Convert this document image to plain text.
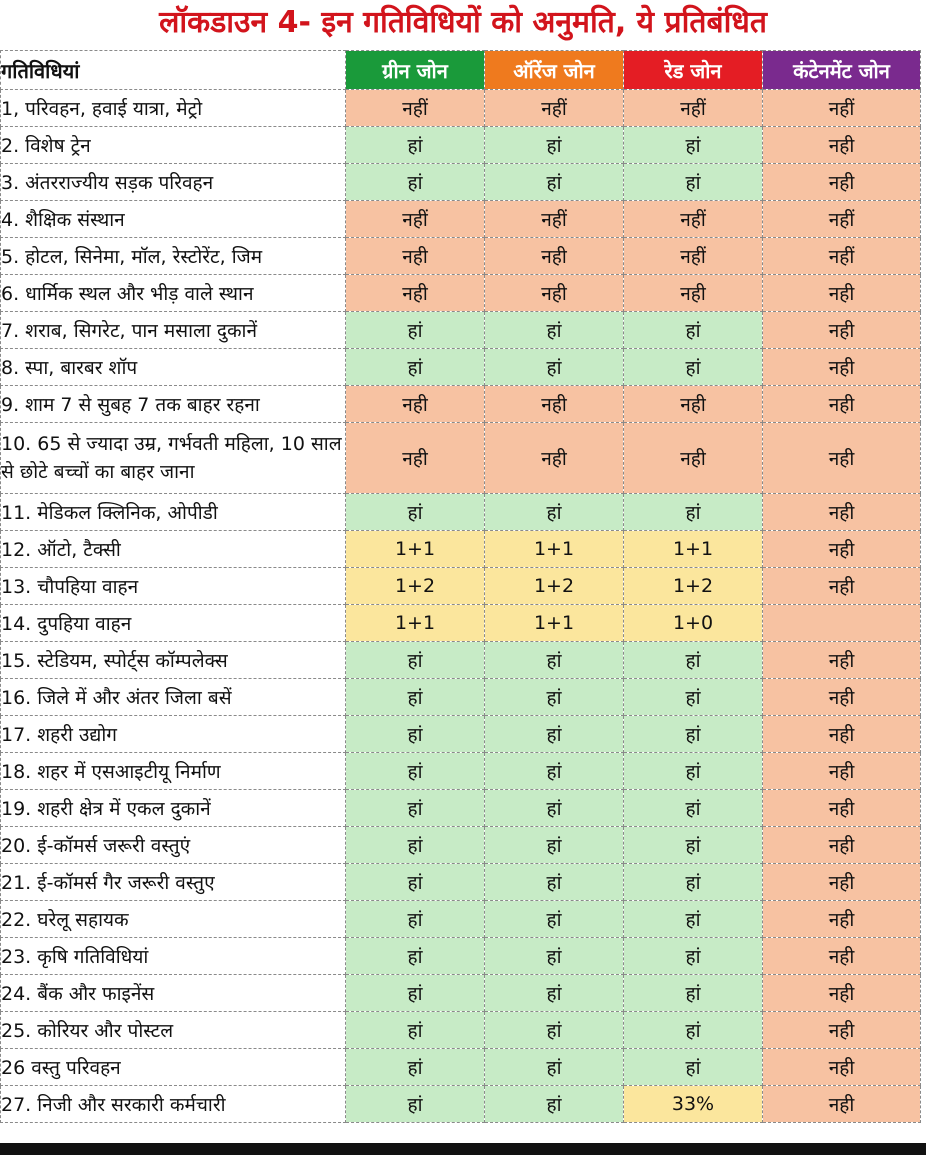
लॉकडाउन 4- इन गतिविधियों को अनुमति, ये प्रतिबंधित
गतिविधियां	ग्रीन जोन	ऑरेंज जोन	रेड जोन	कंटेनमेंट जोन
1, परिवहन, हवाई यात्रा, मेट्रो	नहीं	नहीं	नहीं	नहीं
2. विशेष ट्रेन	हां	हां	हां	नही
3. अंतरराज्यीय सड़क परिवहन	हां	हां	हां	नही
4. शैक्षिक संस्थान	नहीं	नहीं	नहीं	नहीं
5. होटल, सिनेमा, मॉल, रेस्टोरेंट, जिम	नही	नही	नहीं	नहीं
6. धार्मिक स्थल और भीड़ वाले स्थान	नही	नही	नही	नही
7. शराब, सिगरेट, पान मसाला दुकानें	हां	हां	हां	नही
8. स्पा, बारबर शॉप	हां	हां	हां	नही
9. शाम 7 से सुबह 7 तक बाहर रहना	नही	नही	नही	नही
10. 65 से ज्यादा उम्र, गर्भवती महिला, 10 साल से छोटे बच्चों का बाहर जाना	नही	नही	नही	नही
11. मेडिकल क्लिनिक, ओपीडी	हां	हां	हां	नही
12. ऑटो, टैक्सी	1+1	1+1	1+1	नही
13. चौपहिया वाहन	1+2	1+2	1+2	नही
14. दुपहिया वाहन	1+1	1+1	1+0	
15. स्टेडियम, स्पोर्ट्स कॉम्पलेक्स	हां	हां	हां	नही
16. जिले में और अंतर जिला बसें	हां	हां	हां	नही
17. शहरी उद्योग	हां	हां	हां	नही
18. शहर में एसआइटीयू निर्माण	हां	हां	हां	नही
19. शहरी क्षेत्र में एकल दुकानें	हां	हां	हां	नही
20. ई-कॉमर्स जरूरी वस्तुएं	हां	हां	हां	नही
21. ई-कॉमर्स गैर जरूरी वस्तुए	हां	हां	हां	नही
22. घरेलू सहायक	हां	हां	हां	नही
23. कृषि गतिविधियां	हां	हां	हां	नही
24. बैंक और फाइनेंस	हां	हां	हां	नही
25. कोरियर और पोस्टल	हां	हां	हां	नही
26 वस्तु परिवहन	हां	हां	हां	नही
27. निजी और सरकारी कर्मचारी	हां	हां	33%	नही
